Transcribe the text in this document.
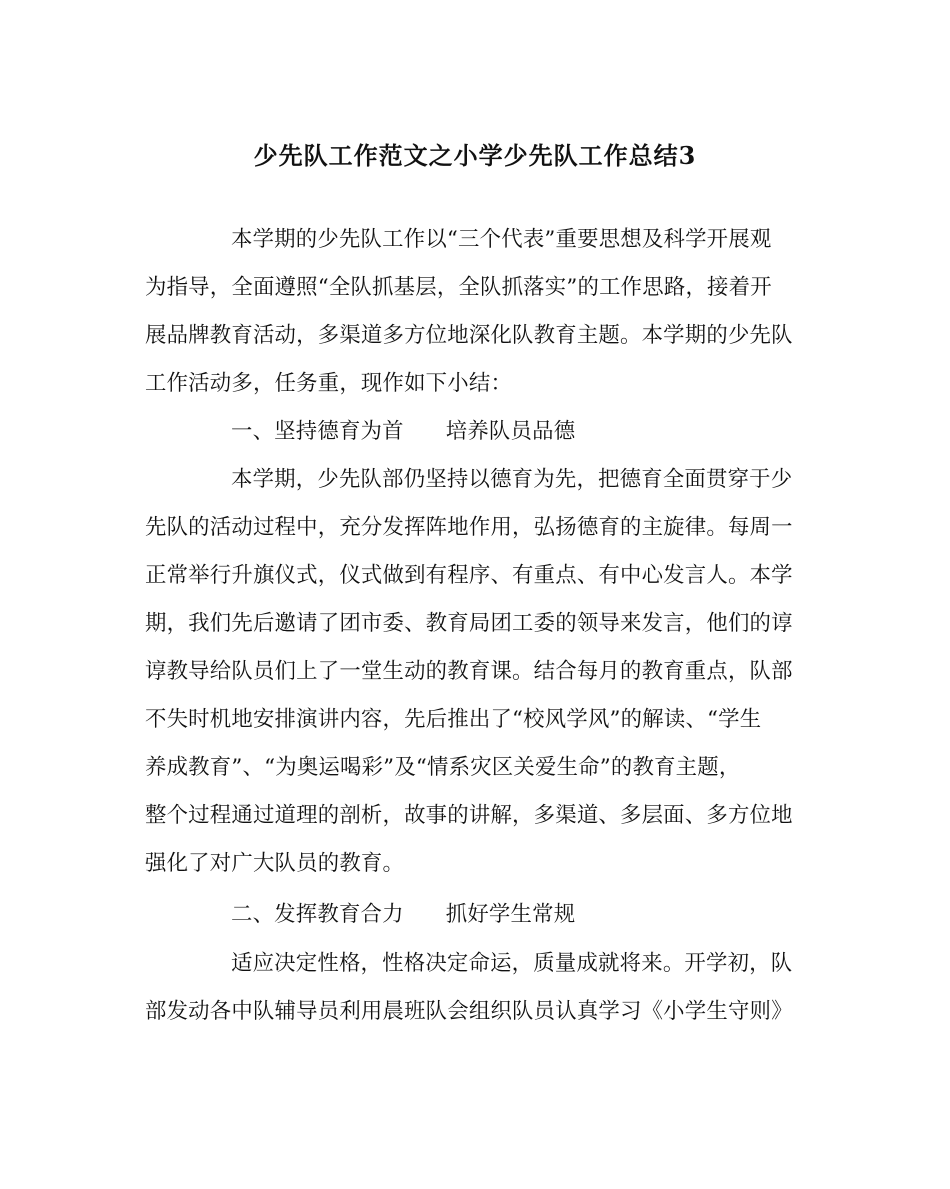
少先队工作范文之小学少先队工作总结3
本学期的少先队工作以“三个代表”重要思想及科学开展观
为指导，全面遵照“全队抓基层，全队抓落实”的工作思路，接着开
展品牌教育活动，多渠道多方位地深化队教育主题。本学期的少先队
工作活动多，任务重，现作如下小结：
一、坚持德育为首 培养队员品德
本学期，少先队部仍坚持以德育为先，把德育全面贯穿于少
先队的活动过程中，充分发挥阵地作用，弘扬德育的主旋律。每周一
正常举行升旗仪式，仪式做到有程序、有重点、有中心发言人。本学
期，我们先后邀请了团市委、教育局团工委的领导来发言，他们的谆
谆教导给队员们上了一堂生动的教育课。结合每月的教育重点，队部
不失时机地安排演讲内容，先后推出了“校风学风”的解读、“学生
养成教育”、“为奥运喝彩”及“情系灾区关爱生命”的教育主题，
整个过程通过道理的剖析，故事的讲解，多渠道、多层面、多方位地
强化了对广大队员的教育。
二、发挥教育合力 抓好学生常规
适应决定性格，性格决定命运，质量成就将来。开学初，队
部发动各中队辅导员利用晨班队会组织队员认真学习《小学生守则》
